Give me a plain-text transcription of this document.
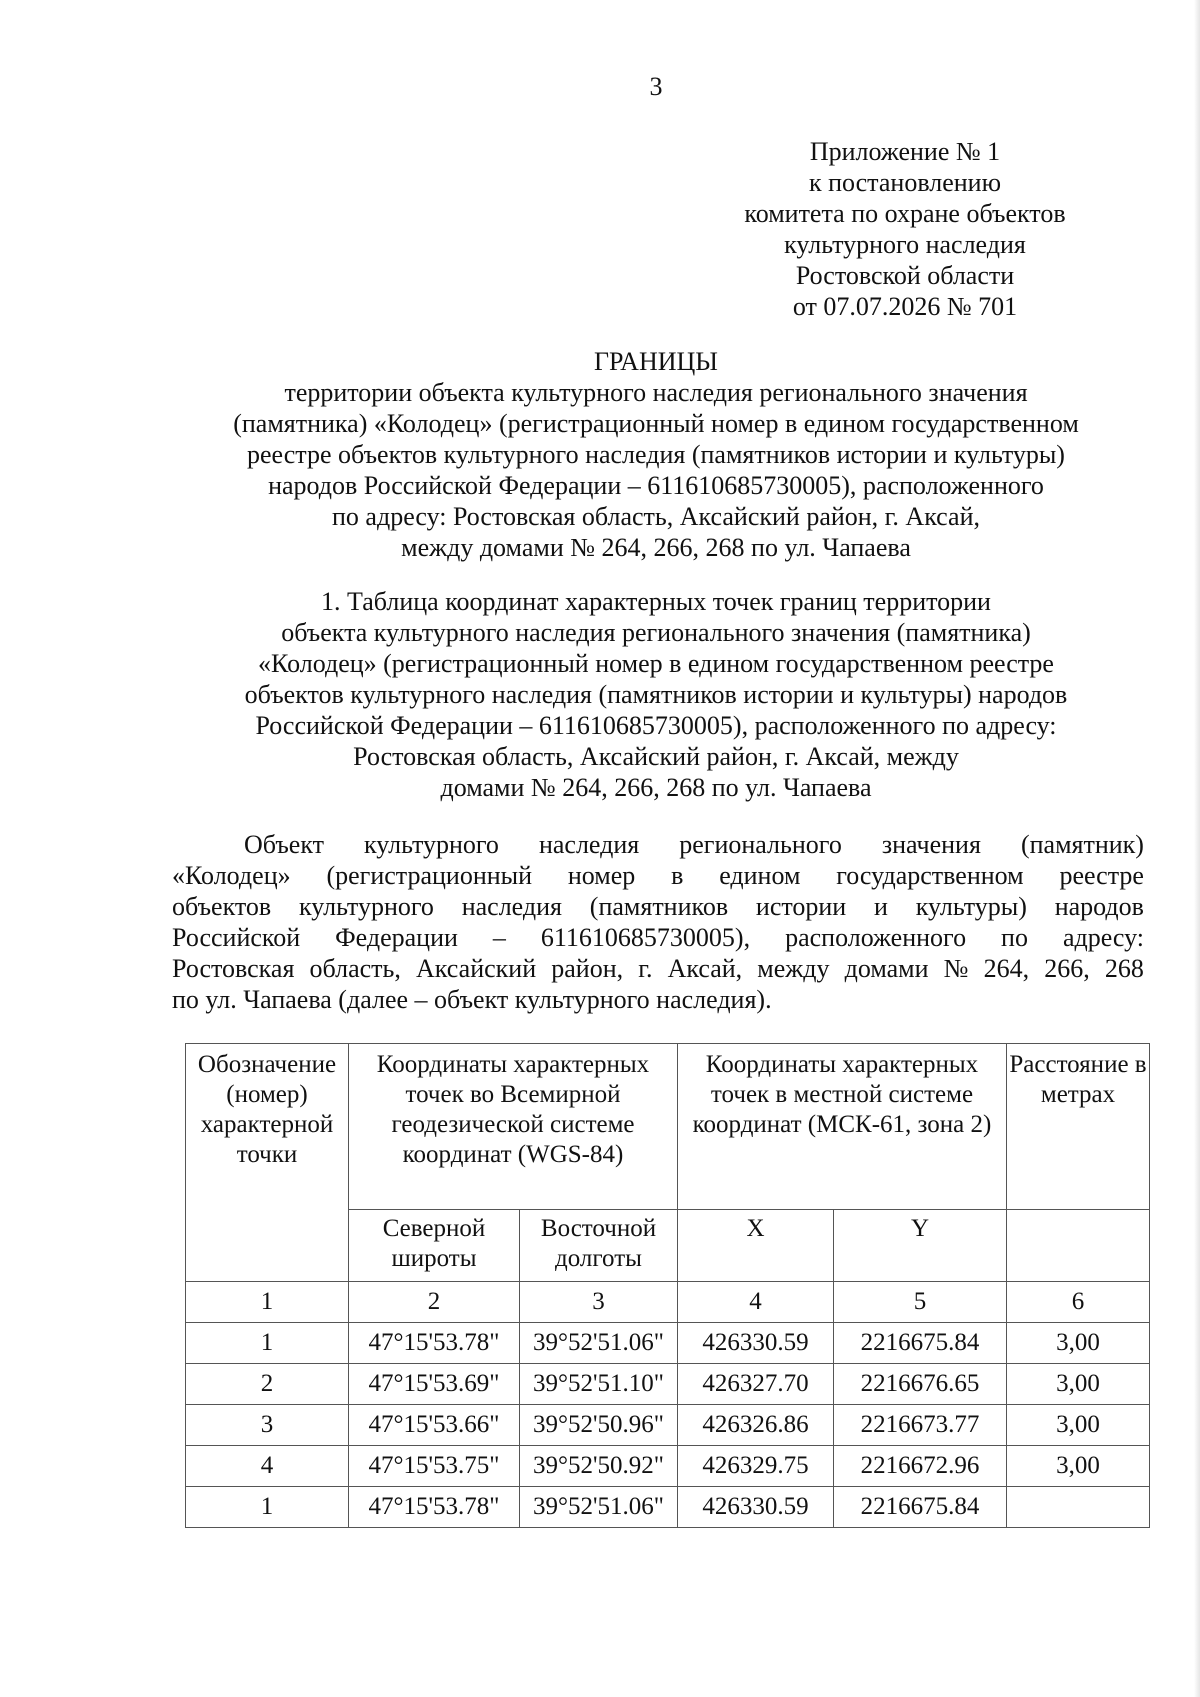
3
Приложение № 1
к постановлению
комитета по охране объектов
культурного наследия
Ростовской области
от 07.07.2026 № 701
ГРАНИЦЫ
территории объекта культурного наследия регионального значения
(памятника) «Колодец» (регистрационный номер в едином государственном
реестре объектов культурного наследия (памятников истории и культуры)
народов Российской Федерации – 611610685730005), расположенного
по адресу: Ростовская область, Аксайский район, г. Аксай,
между домами № 264, 266, 268 по ул. Чапаева
1. Таблица координат характерных точек границ территории
объекта культурного наследия регионального значения (памятника)
«Колодец» (регистрационный номер в едином государственном реестре
объектов культурного наследия (памятников истории и культуры) народов
Российской Федерации – 611610685730005), расположенного по адресу:
Ростовская область, Аксайский район, г. Аксай, между
домами № 264, 266, 268 по ул. Чапаева
Объект культурного наследия регионального значения (памятник)
«Колодец» (регистрационный номер в едином государственном реестре
объектов культурного наследия (памятников истории и культуры) народов
Российской Федерации – 611610685730005), расположенного по адресу:
Ростовская область, Аксайский район, г. Аксай, между домами № 264, 266, 268
по ул. Чапаева (далее – объект культурного наследия).
Обозначение (номер) характерной точки	Координаты характерных точек во Всемирной геодезической системе координат (WGS-84)		Координаты характерных точек в местной системе координат (МСК-61, зона 2)		Расстояние в метрах
	Северной широты	Восточной долготы	X	Y	
1	2	3	4	5	6
1	47°15'53.78"	39°52'51.06"	426330.59	2216675.84	3,00
2	47°15'53.69"	39°52'51.10"	426327.70	2216676.65	3,00
3	47°15'53.66"	39°52'50.96"	426326.86	2216673.77	3,00
4	47°15'53.75"	39°52'50.92"	426329.75	2216672.96	3,00
1	47°15'53.78"	39°52'51.06"	426330.59	2216675.84	
